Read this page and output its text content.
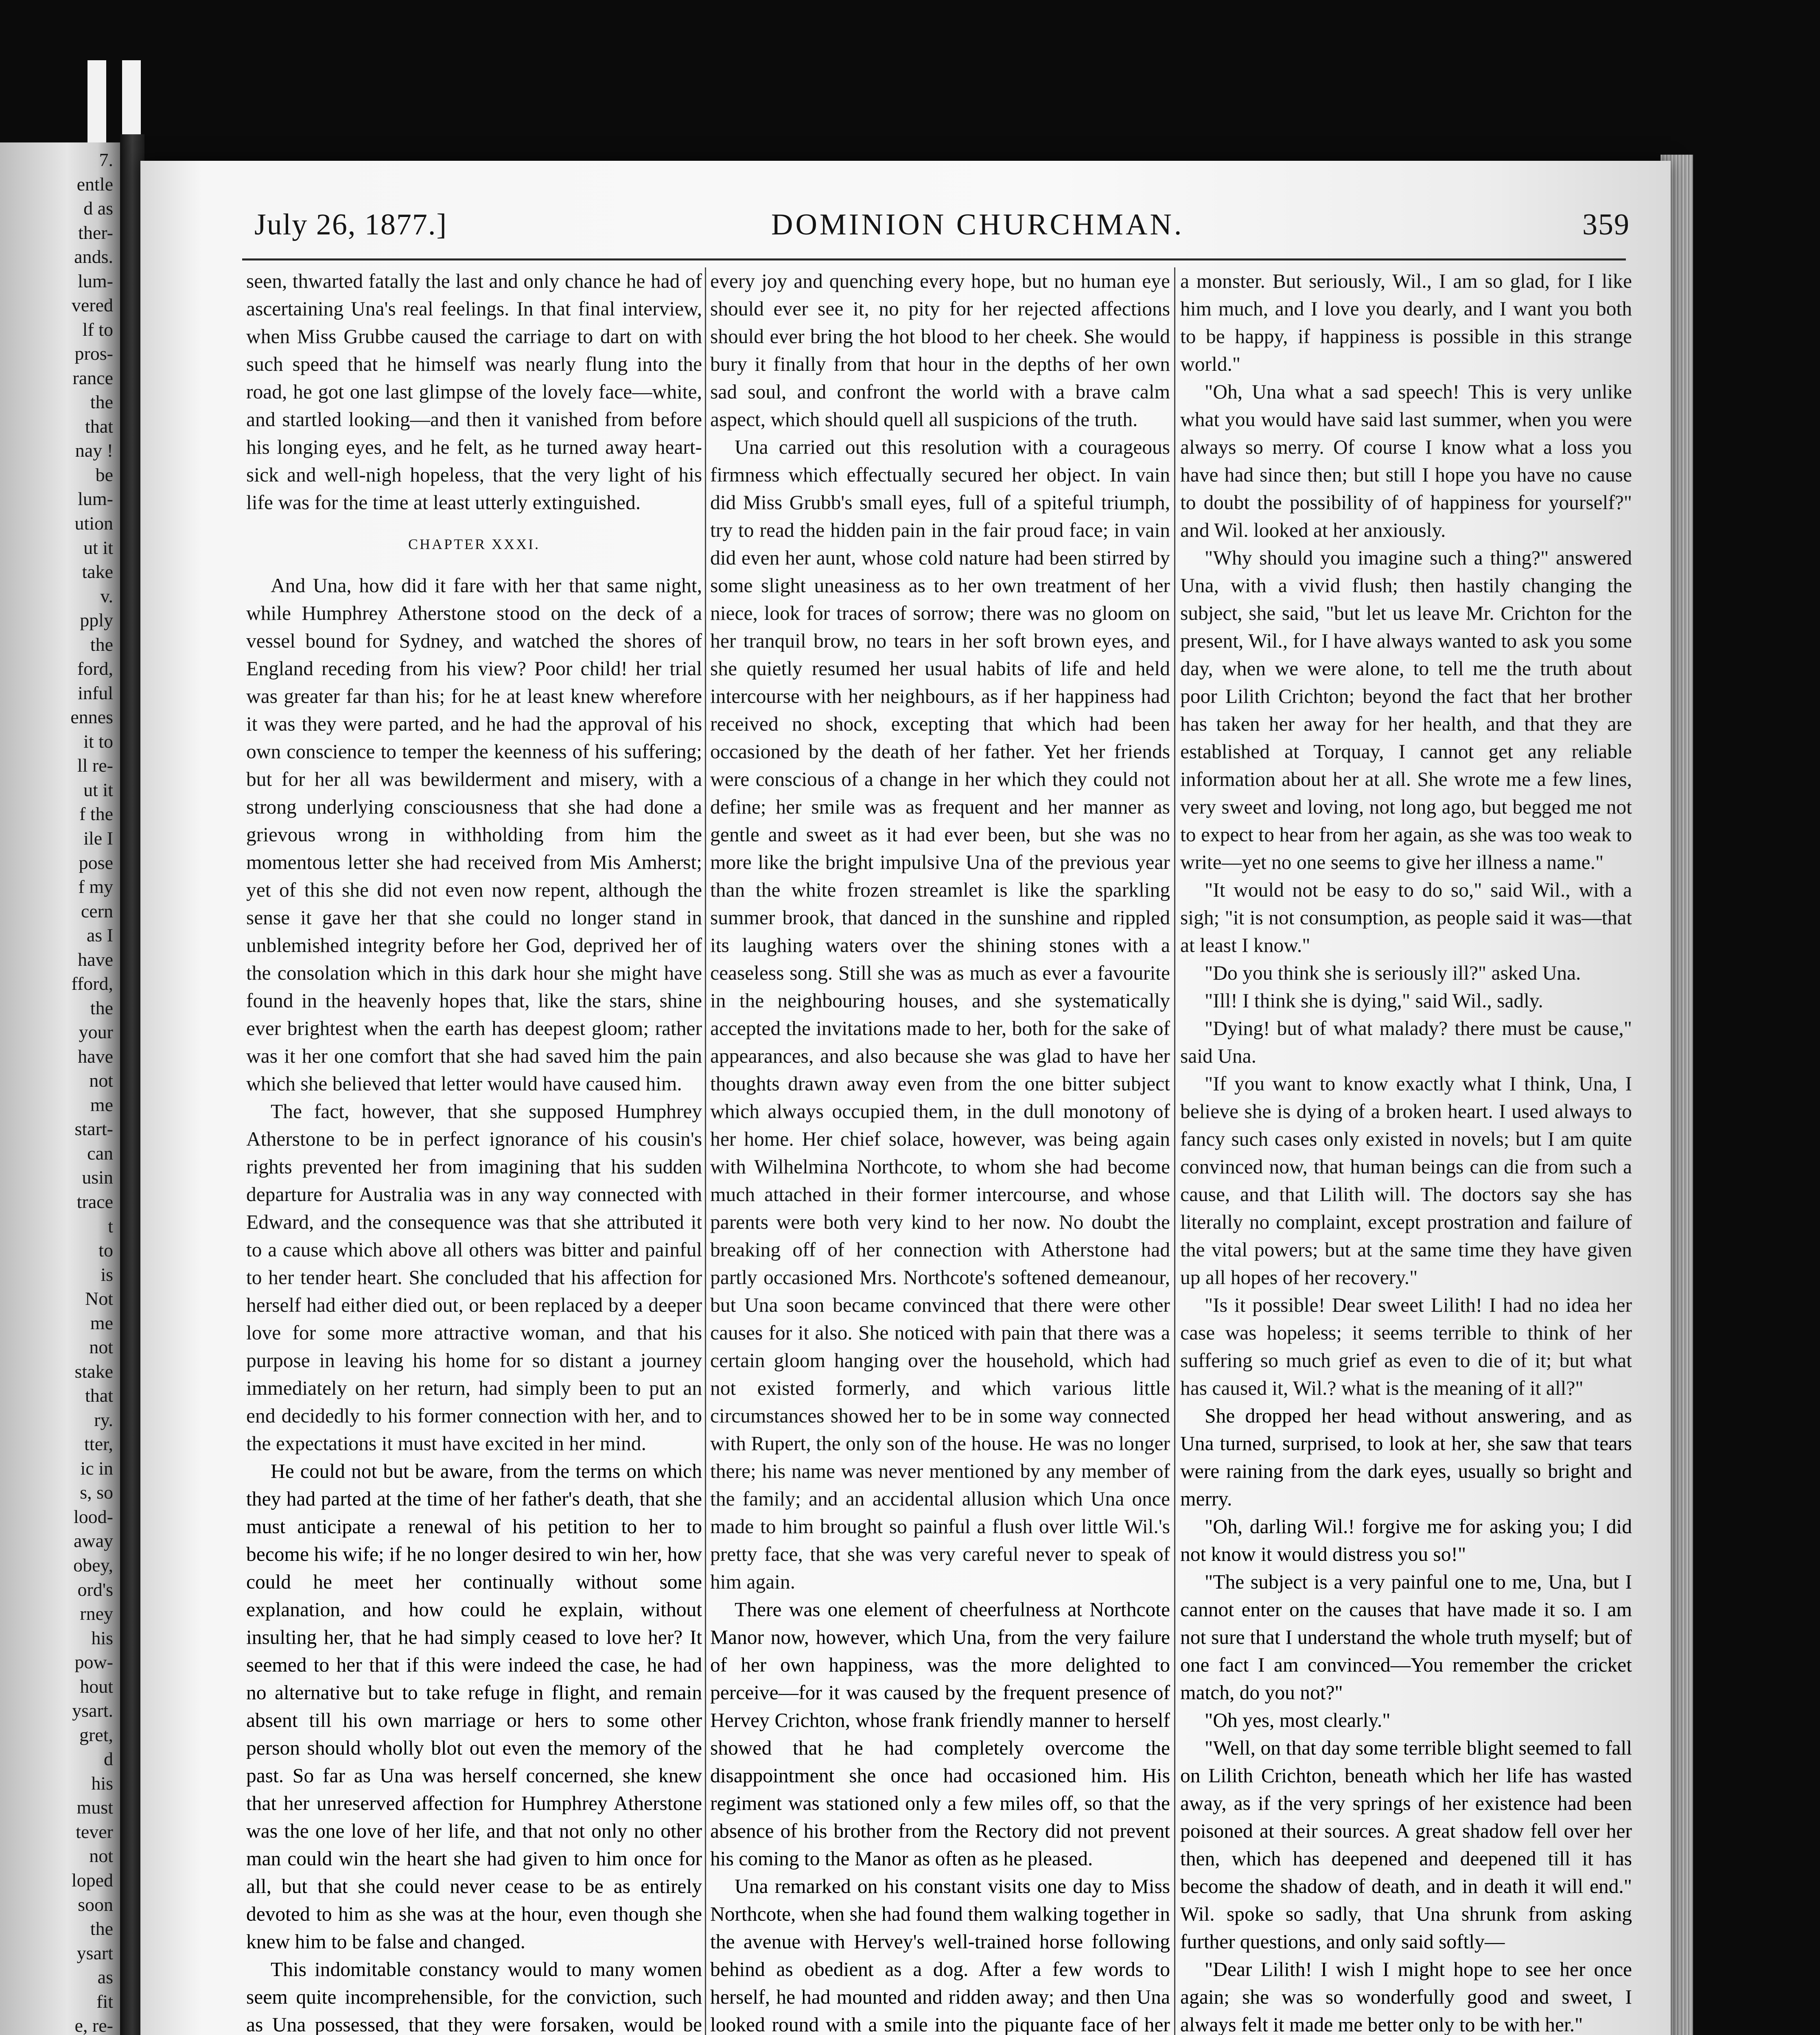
7.
entle
d as
ther-
ands.
lum-
vered
lf to
pros-
rance
the
that
nay !
be
lum-
ution
ut it
take
v.
pply
the
ford,
inful
ennes
it to
ll re-
ut it
f the
ile I
pose
f my
cern
as I
have
fford,
the
your
have
not
me
start-
can
usin
trace
t
to
is
Not
me
not
stake
that
ry.
tter,
ic in
s, so
lood-
away
obey,
ord's
rney
his
pow-
hout
ysart.
gret,
d
his
must
tever
not
loped
soon
the
ysart
as
fit
e, re-
July 26, 1877.]	DOMINION CHURCHMAN.	359

seen, thwarted fatally the last and only chance he had of ascertaining Una's real feelings. In that final interview, when Miss Grubbe caused the carriage to dart on with such speed that he himself was nearly flung into the road, he got one last glimpse of the lovely face—white, and startled looking—and then it vanished from before his longing eyes, and he felt, as he turned away heart-sick and well-nigh hopeless, that the very light of his life was for the time at least utterly extinguished.

CHAPTER XXXI.

And Una, how did it fare with her that same night, while Humphrey Atherstone stood on the deck of a vessel bound for Sydney, and watched the shores of England receding from his view? Poor child! her trial was greater far than his; for he at least knew wherefore it was they were parted, and he had the approval of his own conscience to temper the keenness of his suffering; but for her all was bewilderment and misery, with a strong underlying consciousness that she had done a grievous wrong in withholding from him the momentous letter she had received from Mis Amherst; yet of this she did not even now repent, although the sense it gave her that she could no longer stand in unblemished integrity before her God, deprived her of the consolation which in this dark hour she might have found in the heavenly hopes that, like the stars, shine ever brightest when the earth has deepest gloom; rather was it her one comfort that she had saved him the pain which she believed that letter would have caused him.

The fact, however, that she supposed Humphrey Atherstone to be in perfect ignorance of his cousin's rights prevented her from imagining that his sudden departure for Australia was in any way connected with Edward, and the consequence was that she attributed it to a cause which above all others was bitter and painful to her tender heart. She concluded that his affection for herself had either died out, or been replaced by a deeper love for some more attractive woman, and that his purpose in leaving his home for so distant a journey immediately on her return, had simply been to put an end decidedly to his former connection with her, and to the expectations it must have excited in her mind.

He could not but be aware, from the terms on which they had parted at the time of her father's death, that she must anticipate a renewal of his petition to her to become his wife; if he no longer desired to win her, how could he meet her continually without some explanation, and how could he explain, without insulting her, that he had simply ceased to love her? It seemed to her that if this were indeed the case, he had no alternative but to take refuge in flight, and remain absent till his own marriage or hers to some other person should wholly blot out even the memory of the past. So far as Una was herself concerned, she knew that her unreserved affection for Humphrey Atherstone was the one love of her life, and that not only no other man could win the heart she had given to him once for all, but that she could never cease to be as entirely devoted to him as she was at the hour, even though she knew him to be false and changed.

This indomitable constancy would to many women seem quite incomprehensible, for the conviction, such as Una possessed, that they were forsaken, would be

every joy and quenching every hope, but no human eye should ever see it, no pity for her rejected affections should ever bring the hot blood to her cheek. She would bury it finally from that hour in the depths of her own sad soul, and confront the world with a brave calm aspect, which should quell all suspicions of the truth.

Una carried out this resolution with a courageous firmness which effectually secured her object. In vain did Miss Grubb's small eyes, full of a spiteful triumph, try to read the hidden pain in the fair proud face; in vain did even her aunt, whose cold nature had been stirred by some slight uneasiness as to her own treatment of her niece, look for traces of sorrow; there was no gloom on her tranquil brow, no tears in her soft brown eyes, and she quietly resumed her usual habits of life and held intercourse with her neighbours, as if her happiness had received no shock, excepting that which had been occasioned by the death of her father. Yet her friends were conscious of a change in her which they could not define; her smile was as frequent and her manner as gentle and sweet as it had ever been, but she was no more like the bright impulsive Una of the previous year than the white frozen streamlet is like the sparkling summer brook, that danced in the sunshine and rippled its laughing waters over the shining stones with a ceaseless song. Still she was as much as ever a favourite in the neighbouring houses, and she systematically accepted the invitations made to her, both for the sake of appearances, and also because she was glad to have her thoughts drawn away even from the one bitter subject which always occupied them, in the dull monotony of her home. Her chief solace, however, was being again with Wilhelmina Northcote, to whom she had become much attached in their former intercourse, and whose parents were both very kind to her now. No doubt the breaking off of her connection with Atherstone had partly occasioned Mrs. Northcote's softened demeanour, but Una soon became convinced that there were other causes for it also. She noticed with pain that there was a certain gloom hanging over the household, which had not existed formerly, and which various little circumstances showed her to be in some way connected with Rupert, the only son of the house. He was no longer there; his name was never mentioned by any member of the family; and an accidental allusion which Una once made to him brought so painful a flush over little Wil.'s pretty face, that she was very careful never to speak of him again.

There was one element of cheerfulness at Northcote Manor now, however, which Una, from the very failure of her own happiness, was the more delighted to perceive—for it was caused by the frequent presence of Hervey Crichton, whose frank friendly manner to herself showed that he had completely overcome the disappointment she once had occasioned him. His regiment was stationed only a few miles off, so that the absence of his brother from the Rectory did not prevent his coming to the Manor as often as he pleased.

Una remarked on his constant visits one day to Miss Northcote, when she had found them walking together in the avenue with Hervey's well-trained horse following behind as obedient as a dog. After a few words to herself, he had mounted and ridden away; and then Una looked round with a smile into the piquante face of her

a monster. But seriously, Wil., I am so glad, for I like him much, and I love you dearly, and I want you both to be happy, if happiness is possible in this strange world."

"Oh, Una what a sad speech! This is very unlike what you would have said last summer, when you were always so merry. Of course I know what a loss you have had since then; but still I hope you have no cause to doubt the possibility of of happiness for yourself?" and Wil. looked at her anxiously.

"Why should you imagine such a thing?" answered Una, with a vivid flush; then hastily changing the subject, she said, "but let us leave Mr. Crichton for the present, Wil., for I have always wanted to ask you some day, when we were alone, to tell me the truth about poor Lilith Crichton; beyond the fact that her brother has taken her away for her health, and that they are established at Torquay, I cannot get any reliable information about her at all. She wrote me a few lines, very sweet and loving, not long ago, but begged me not to expect to hear from her again, as she was too weak to write—yet no one seems to give her illness a name."

"It would not be easy to do so," said Wil., with a sigh; "it is not consumption, as people said it was—that at least I know."

"Do you think she is seriously ill?" asked Una.

"Ill! I think she is dying," said Wil., sadly.

"Dying! but of what malady? there must be cause," said Una.

"If you want to know exactly what I think, Una, I believe she is dying of a broken heart. I used always to fancy such cases only existed in novels; but I am quite convinced now, that human beings can die from such a cause, and that Lilith will. The doctors say she has literally no complaint, except prostration and failure of the vital powers; but at the same time they have given up all hopes of her recovery."

"Is it possible! Dear sweet Lilith! I had no idea her case was hopeless; it seems terrible to think of her suffering so much grief as even to die of it; but what has caused it, Wil.? what is the meaning of it all?"

She dropped her head without answering, and as Una turned, surprised, to look at her, she saw that tears were raining from the dark eyes, usually so bright and merry.

"Oh, darling Wil.! forgive me for asking you; I did not know it would distress you so!"

"The subject is a very painful one to me, Una, but I cannot enter on the causes that have made it so. I am not sure that I understand the whole truth myself; but of one fact I am convinced—You remember the cricket match, do you not?"

"Oh yes, most clearly."

"Well, on that day some terrible blight seemed to fall on Lilith Crichton, beneath which her life has wasted away, as if the very springs of her existence had been poisoned at their sources. A great shadow fell over her then, which has deepened and deepened till it has become the shadow of death, and in death it will end." Wil. spoke so sadly, that Una shrunk from asking further questions, and only said softly—

"Dear Lilith! I wish I might hope to see her once again; she was so wonderfully good and sweet, I always felt it made me better only to be with her."
